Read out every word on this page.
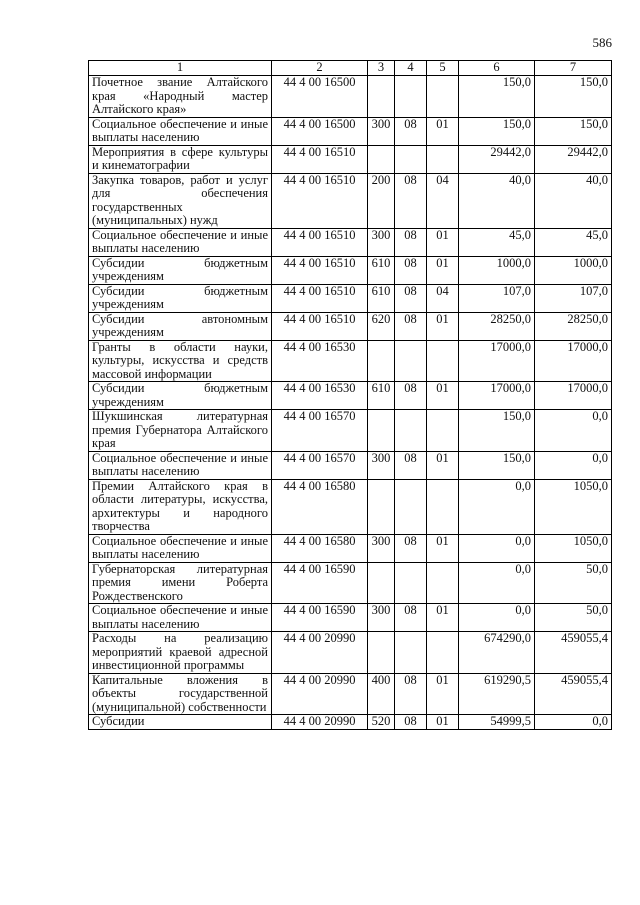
586
1	2	3	4	5	6	7
Почетное звание Алтайского края «Народный мастер Алтайского края»	44 4 00 16500				150,0	150,0
Социальное обеспечение и иные выплаты населению	44 4 00 16500	300	08	01	150,0	150,0
Мероприятия в сфере культуры и кинематографии	44 4 00 16510				29442,0	29442,0
Закупка товаров, работ и услуг для обеспечения государственных (муниципальных) нужд	44 4 00 16510	200	08	04	40,0	40,0
Социальное обеспечение и иные выплаты населению	44 4 00 16510	300	08	01	45,0	45,0
Субсидии бюджетным учреждениям	44 4 00 16510	610	08	01	1000,0	1000,0
Субсидии бюджетным учреждениям	44 4 00 16510	610	08	04	107,0	107,0
Субсидии автономным учреждениям	44 4 00 16510	620	08	01	28250,0	28250,0
Гранты в области науки, культуры, искусства и средств массовой информации	44 4 00 16530				17000,0	17000,0
Субсидии бюджетным учреждениям	44 4 00 16530	610	08	01	17000,0	17000,0
Шукшинская литературная премия Губернатора Алтайского края	44 4 00 16570				150,0	0,0
Социальное обеспечение и иные выплаты населению	44 4 00 16570	300	08	01	150,0	0,0
Премии Алтайского края в области литературы, искусства, архитектуры и народного творчества	44 4 00 16580				0,0	1050,0
Социальное обеспечение и иные выплаты населению	44 4 00 16580	300	08	01	0,0	1050,0
Губернаторская литературная премия имени Роберта Рождественского	44 4 00 16590				0,0	50,0
Социальное обеспечение и иные выплаты населению	44 4 00 16590	300	08	01	0,0	50,0
Расходы на реализацию мероприятий краевой адресной инвестиционной программы	44 4 00 20990				674290,0	459055,4
Капитальные вложения в объекты государственной (муниципальной) собственности	44 4 00 20990	400	08	01	619290,5	459055,4
Субсидии	44 4 00 20990	520	08	01	54999,5	0,0
